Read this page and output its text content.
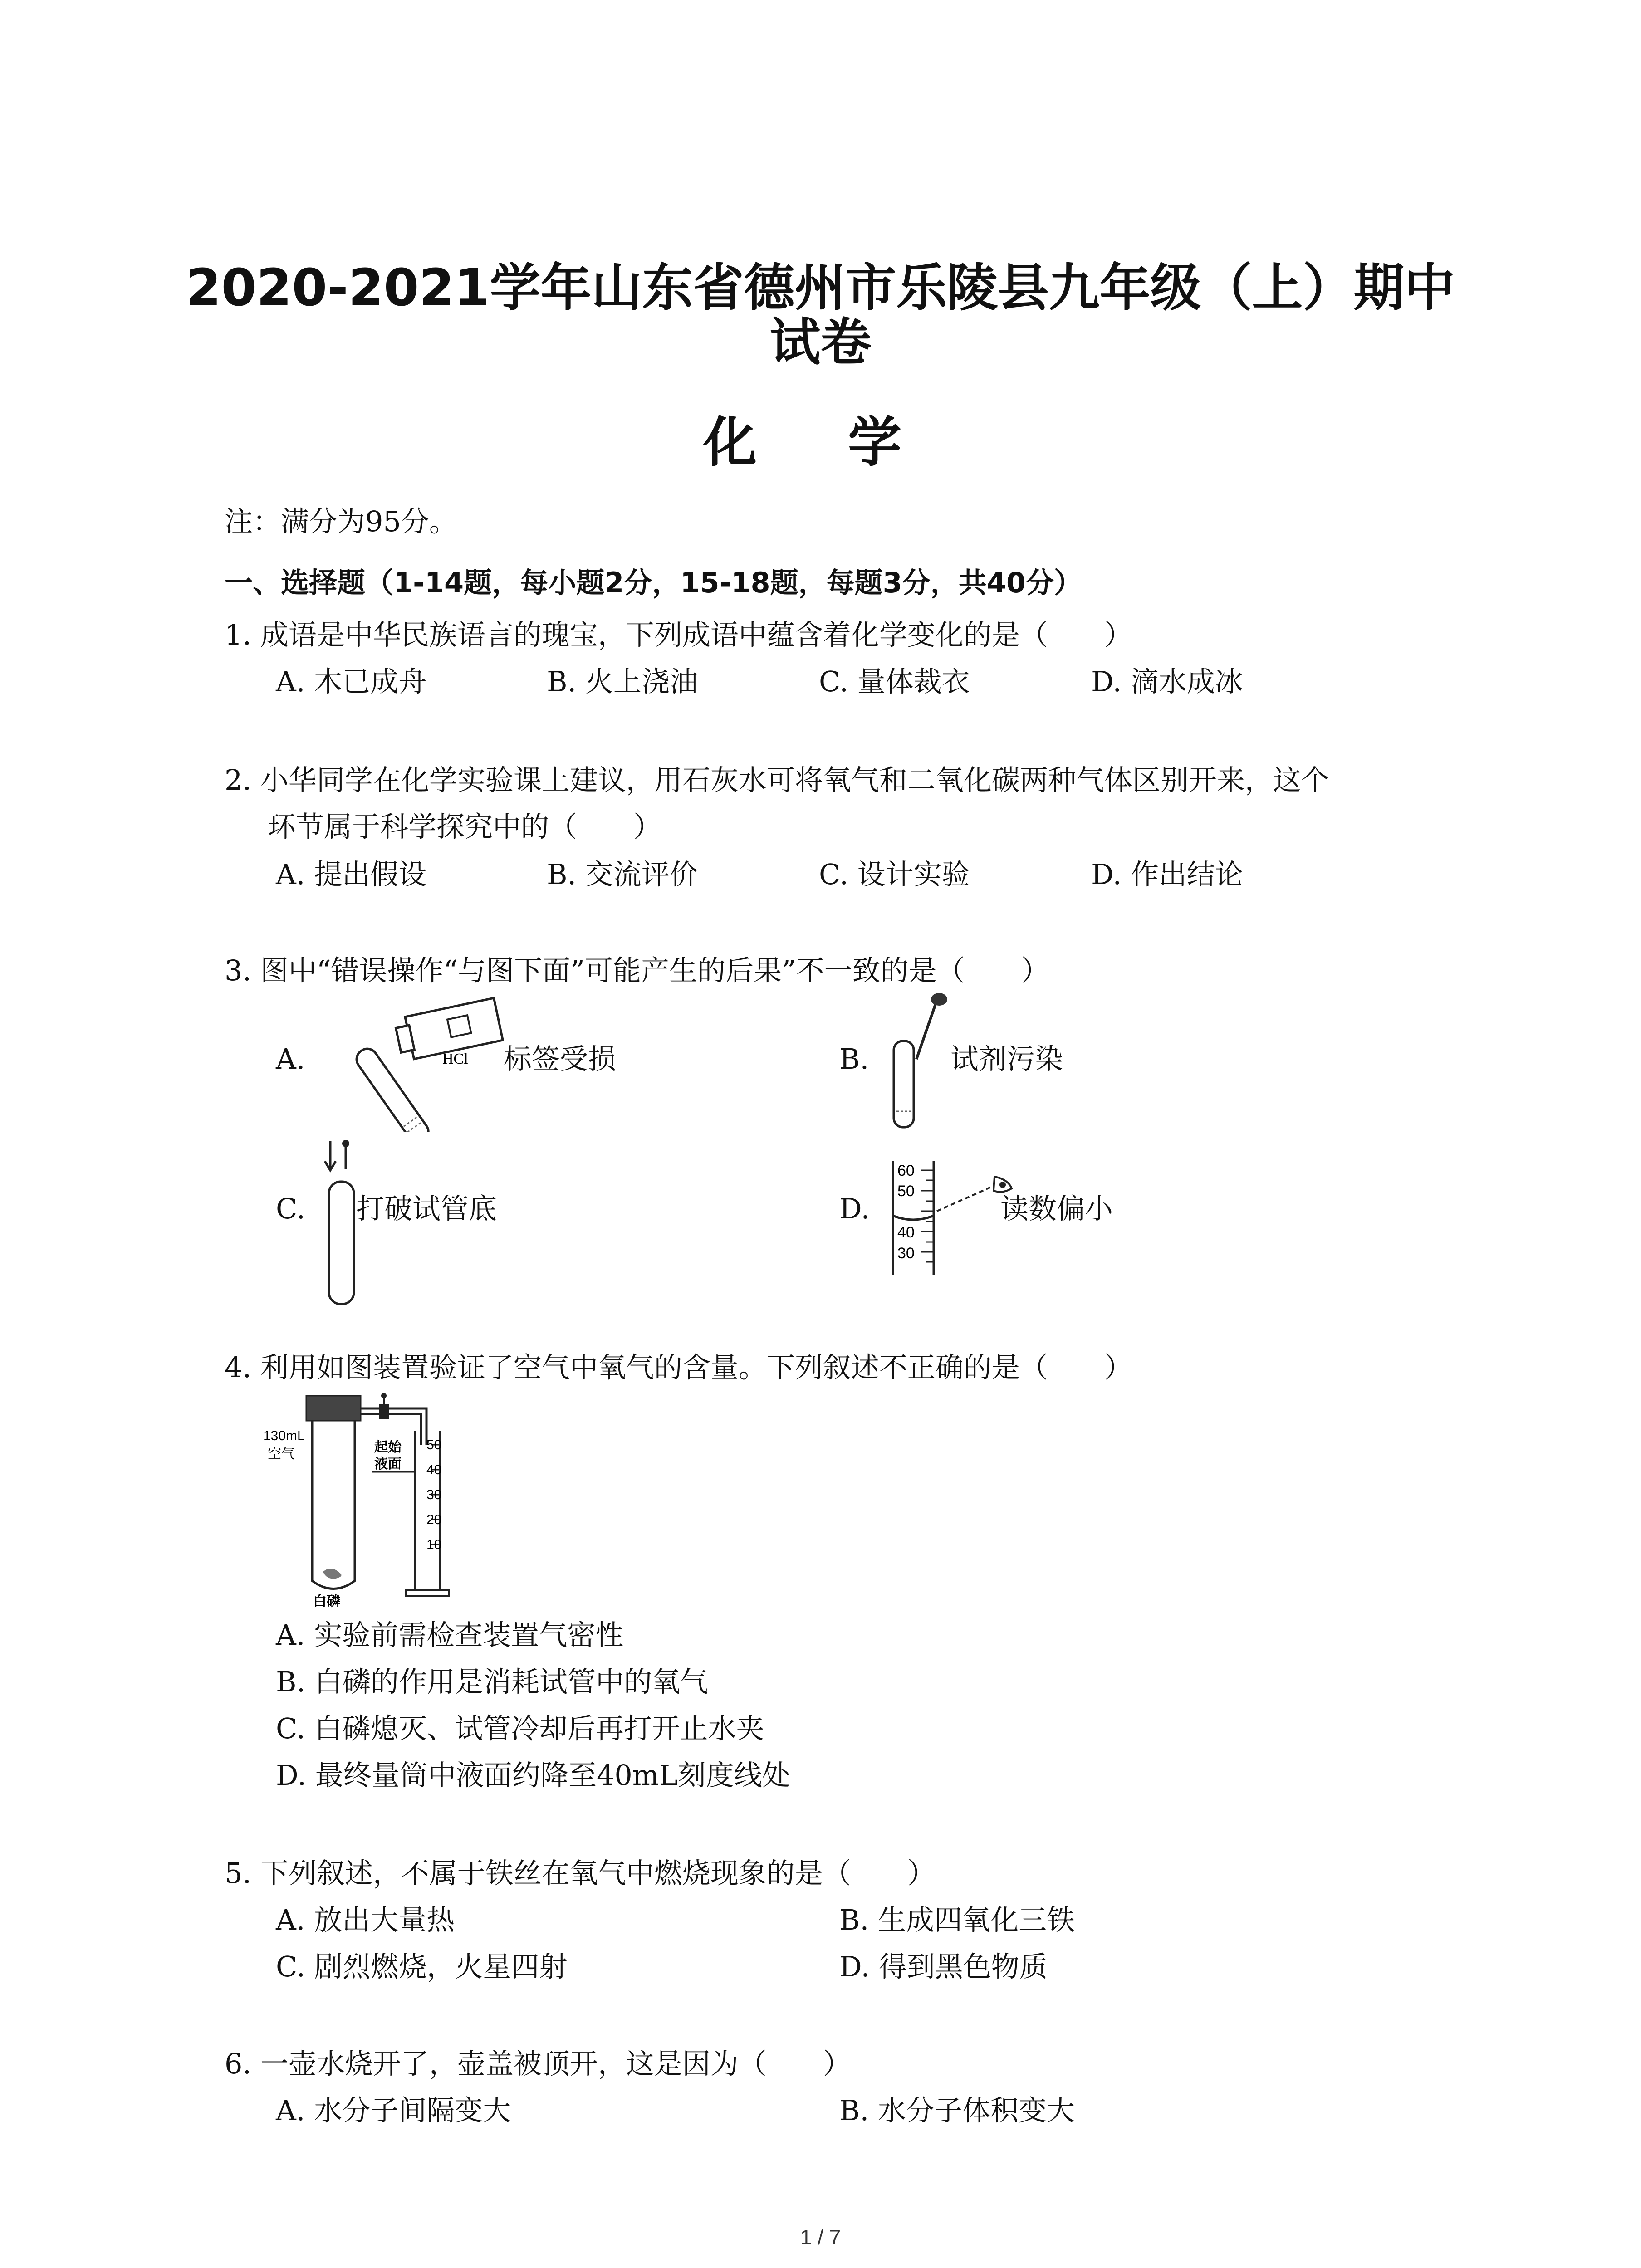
2020-2021学年山东省德州市乐陵县九年级（上）期中
试卷
化 学
注：满分为95分。
一、选择题（1-14题，每小题2分，15-18题，每题3分，共40分）
1. 成语是中华民族语言的瑰宝，下列成语中蕴含着化学变化的是（　　）
A. 木已成舟	B. 火上浇油	C. 量体裁衣	D. 滴水成冰
2. 小华同学在化学实验课上建议，用石灰水可将氧气和二氧化碳两种气体区别开来，这个
环节属于科学探究中的（　　）
A. 提出假设	B. 交流评价	C. 设计实验	D. 作出结论
3. 图中“错误操作“与图下面”可能产生的后果”不一致的是（　　）
A.	HCl 标签受损	B.	试剂污染
C. 打破试管底	D.
60
50
40
30
读数偏小
4. 利用如图装置验证了空气中氧气的含量。下列叙述不正确的是（　　）
50
40
30
20
10
130mL
空气	起始
液面
白磷
A. 实验前需检查装置气密性
B. 白磷的作用是消耗试管中的氧气
C. 白磷熄灭、试管冷却后再打开止水夹
D. 最终量筒中液面约降至40mL刻度线处
5. 下列叙述，不属于铁丝在氧气中燃烧现象的是（　　）
A. 放出大量热	B. 生成四氧化三铁
C. 剧烈燃烧，火星四射	D. 得到黑色物质
6. 一壶水烧开了，壶盖被顶开，这是因为（　　）
A. 水分子间隔变大	B. 水分子体积变大
1 / 7
